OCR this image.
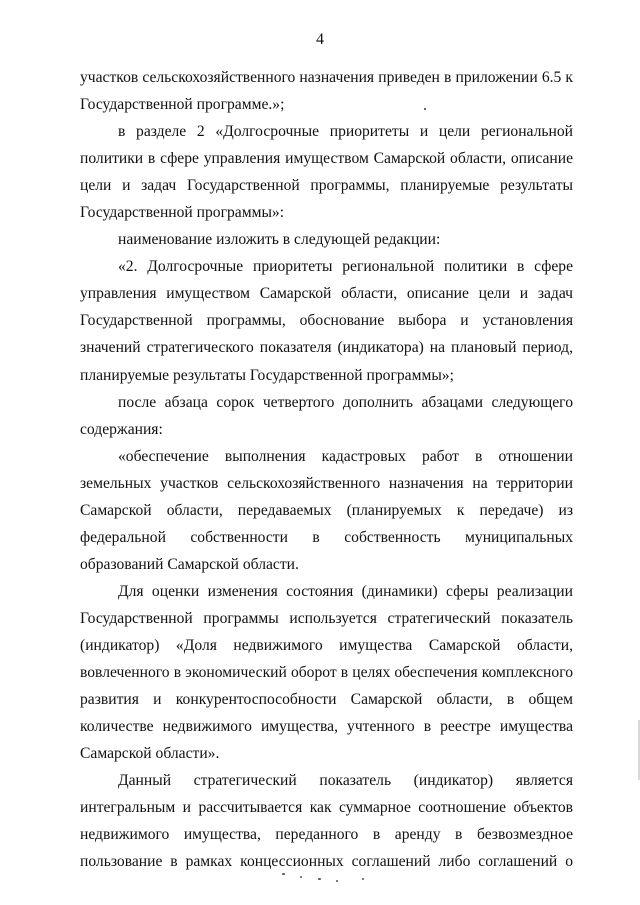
4

участков сельскохозяйственного назначения приведен в приложении 6.5 к Государственной программе.»;

в разделе 2 «Долгосрочные приоритеты и цели региональной политики в сфере управления имуществом Самарской области, описание цели и задач Государственной программы, планируемые результаты Государственной программы»:

наименование изложить в следующей редакции:

«2. Долгосрочные приоритеты региональной политики в сфере управления имуществом Самарской области, описание цели и задач Государственной программы, обоснование выбора и установления значений стратегического показателя (индикатора) на плановый период, планируемые результаты Государственной программы»;

после абзаца сорок четвертого дополнить абзацами следующего содержания:

«обеспечение выполнения кадастровых работ в отношении земельных участков сельскохозяйственного назначения на территории Самарской области, передаваемых (планируемых к передаче) из федеральной собственности в собственность муниципальных образований Самарской области.

Для оценки изменения состояния (динамики) сферы реализации Государственной программы используется стратегический показатель (индикатор) «Доля недвижимого имущества Самарской области, вовлеченного в экономический оборот в целях обеспечения комплексного развития и конкурентоспособности Самарской области, в общем количестве недвижимого имущества, учтенного в реестре имущества Самарской области».

Данный стратегический показатель (индикатор) является интегральным и рассчитывается как суммарное соотношение объектов недвижимого имущества, переданного в аренду в безвозмездное пользование в рамках концессионных соглашений либо соглашений о
